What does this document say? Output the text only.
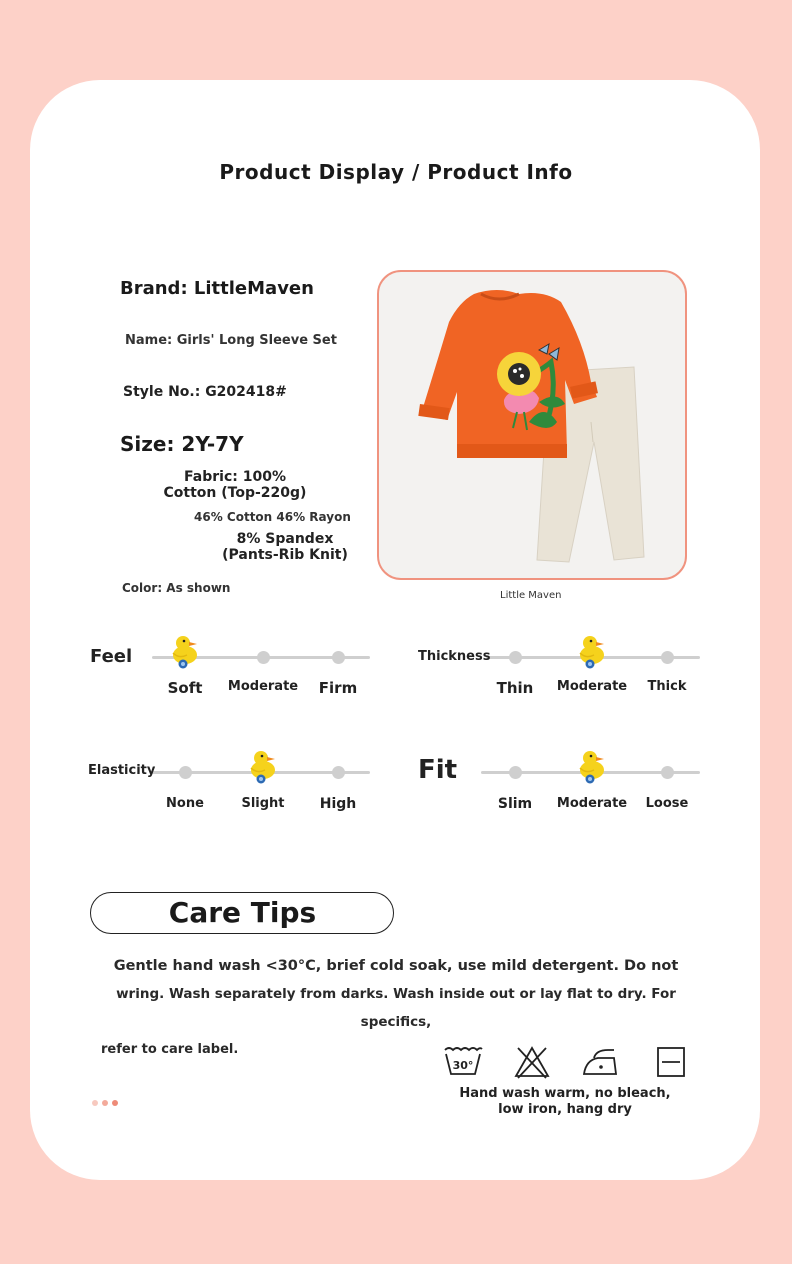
Product Display / Product Info
Brand: LittleMaven
Name: Girls' Long Sleeve Set
Style No.: G202418#
Size: 2Y-7Y
Fabric: 100%
Cotton (Top-220g)
46% Cotton 46% Rayon
8% Spandex
(Pants-Rib Knit)
Color: As shown
Little Maven
Soft Moderate Firm	Thin Moderate Thick
None	Slight	High	Slim Moderate Loose
Feel	Thickness
Elasticity	Fit
Care Tips
Gentle hand wash <30°C, brief cold soak, use mild detergent. Do not
wring. Wash separately from darks. Wash inside out or lay flat to dry. For specifics,
refer to care label.
30°
Hand wash warm, no bleach,
low iron, hang dry
